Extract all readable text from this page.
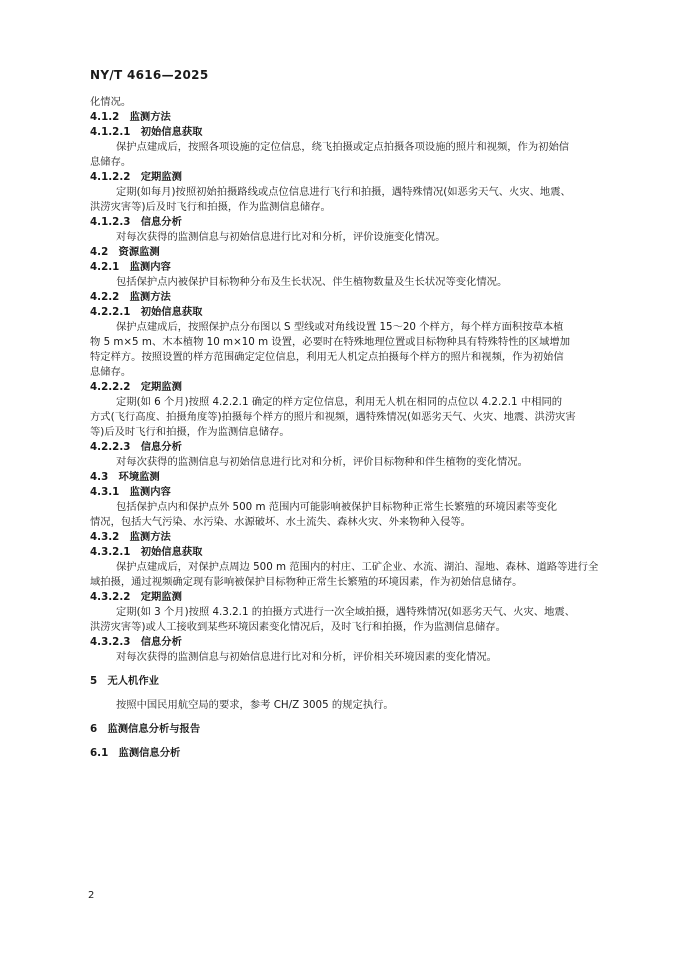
NY/T 4616—2025
化情况。
4.1.2　监测方法
4.1.2.1　初始信息获取
保护点建成后，按照各项设施的定位信息，绕飞拍摄或定点拍摄各项设施的照片和视频，作为初始信
息储存。
4.1.2.2　定期监测
定期(如每月)按照初始拍摄路线或点位信息进行飞行和拍摄，遇特殊情况(如恶劣天气、火灾、地震、
洪涝灾害等)后及时飞行和拍摄，作为监测信息储存。
4.1.2.3　信息分析
对每次获得的监测信息与初始信息进行比对和分析，评价设施变化情况。
4.2　资源监测
4.2.1　监测内容
包括保护点内被保护目标物种分布及生长状况、伴生植物数量及生长状况等变化情况。
4.2.2　监测方法
4.2.2.1　初始信息获取
保护点建成后，按照保护点分布图以 S 型线或对角线设置 15～20 个样方，每个样方面积按草本植
物 5 m×5 m、木本植物 10 m×10 m 设置，必要时在特殊地理位置或目标物种具有特殊特性的区域增加
特定样方。按照设置的样方范围确定定位信息，利用无人机定点拍摄每个样方的照片和视频，作为初始信
息储存。
4.2.2.2　定期监测
定期(如 6 个月)按照 4.2.2.1 确定的样方定位信息，利用无人机在相同的点位以 4.2.2.1 中相同的
方式(飞行高度、拍摄角度等)拍摄每个样方的照片和视频，遇特殊情况(如恶劣天气、火灾、地震、洪涝灾害
等)后及时飞行和拍摄，作为监测信息储存。
4.2.2.3　信息分析
对每次获得的监测信息与初始信息进行比对和分析，评价目标物种和伴生植物的变化情况。
4.3　环境监测
4.3.1　监测内容
包括保护点内和保护点外 500 m 范围内可能影响被保护目标物种正常生长繁殖的环境因素等变化
情况，包括大气污染、水污染、水源破坏、水土流失、森林火灾、外来物种入侵等。
4.3.2　监测方法
4.3.2.1　初始信息获取
保护点建成后，对保护点周边 500 m 范围内的村庄、工矿企业、水流、湖泊、湿地、森林、道路等进行全
域拍摄，通过视频确定现有影响被保护目标物种正常生长繁殖的环境因素，作为初始信息储存。
4.3.2.2　定期监测
定期(如 3 个月)按照 4.3.2.1 的拍摄方式进行一次全域拍摄，遇特殊情况(如恶劣天气、火灾、地震、
洪涝灾害等)或人工接收到某些环境因素变化情况后，及时飞行和拍摄，作为监测信息储存。
4.3.2.3　信息分析
对每次获得的监测信息与初始信息进行比对和分析，评价相关环境因素的变化情况。
5　无人机作业
按照中国民用航空局的要求，参考 CH/Z 3005 的规定执行。
6　监测信息分析与报告
6.1　监测信息分析
2
